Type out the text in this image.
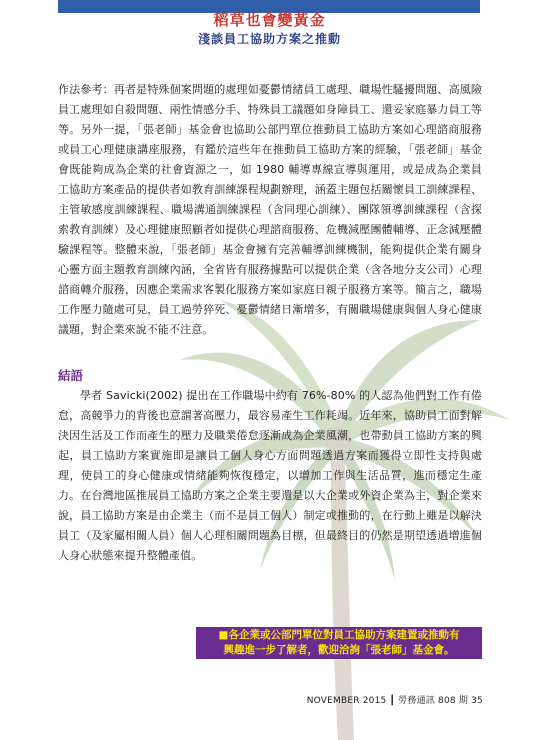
稻草也會變黃金
淺談員工協助方案之推動

作法參考：再者是特殊個案問題的處理如憂鬱情緒員工處理、職場性騷擾問題、高風險員工處理如自殺問題、兩性情感分手、特殊員工議題如身障員工、還妥家庭暴力員工等等。另外一提，「張老師」基金會也協助公部門單位推動員工協助方案如心理諮商服務或員工心理健康講座服務，有鑑於這些年在推動員工協助方案的經驗，「張老師」基金會既能夠成為企業的社會資源之一，如 1980 輔導專線宣導與運用，或是成為企業員工協助方案產品的提供者如教育訓練課程規劃辦理，涵蓋主題包括關懷員工訓練課程、主管敏感度訓練課程、職場溝通訓練課程（含同理心訓練）、團隊領導訓練課程（含探索教育訓練）及心理健康照顧者如提供心理諮商服務、危機減壓團體輔導、正念減壓體驗課程等。整體來說，「張老師」基金會擁有完善輔導訓練機制，能夠提供企業有關身心靈方面主題教育訓練內涵，全省皆有服務據點可以提供企業（含各地分支公司）心理諮商轉介服務，因應企業需求客製化服務方案如家庭日親子服務方案等。簡言之，職場工作壓力隨處可見，員工過勞猝死、憂鬱情緒日漸增多，有關職場健康與個人身心健康議題，對企業來說不能不注意。

結語

學者 Savicki(2002) 提出在工作職場中約有 76%-80% 的人認為他們對工作有倦怠，高競爭力的背後也意謂著高壓力，最容易產生工作耗竭。近年來，協助員工面對解決因生活及工作而產生的壓力及職業倦怠逐漸成為企業風潮，也帶動員工協助方案的興起，員工協助方案實施即是讓員工個人身心方面問題透過方案而獲得立即性支持與處理，使員工的身心健康或情緒能夠恢復穩定，以增加工作與生活品質，進而穩定生產力。在台灣地區推展員工協助方案之企業主要還是以大企業或外資企業為主，對企業來說，員工協助方案是由企業主（而不是員工個人）制定或推動的，在行動上雖是以解決員工（及家屬相關人員）個人心理相關問題為目標，但最終目的仍然是期望透過增進個人身心狀態來提升整體產值。

■各企業或公部門單位對員工協助方案建置或推動有
興趣進一步了解者，歡迎洽詢「張老師」基金會。
NOVEMBER 2015 ┃ 勞務通訊 808 期 35
